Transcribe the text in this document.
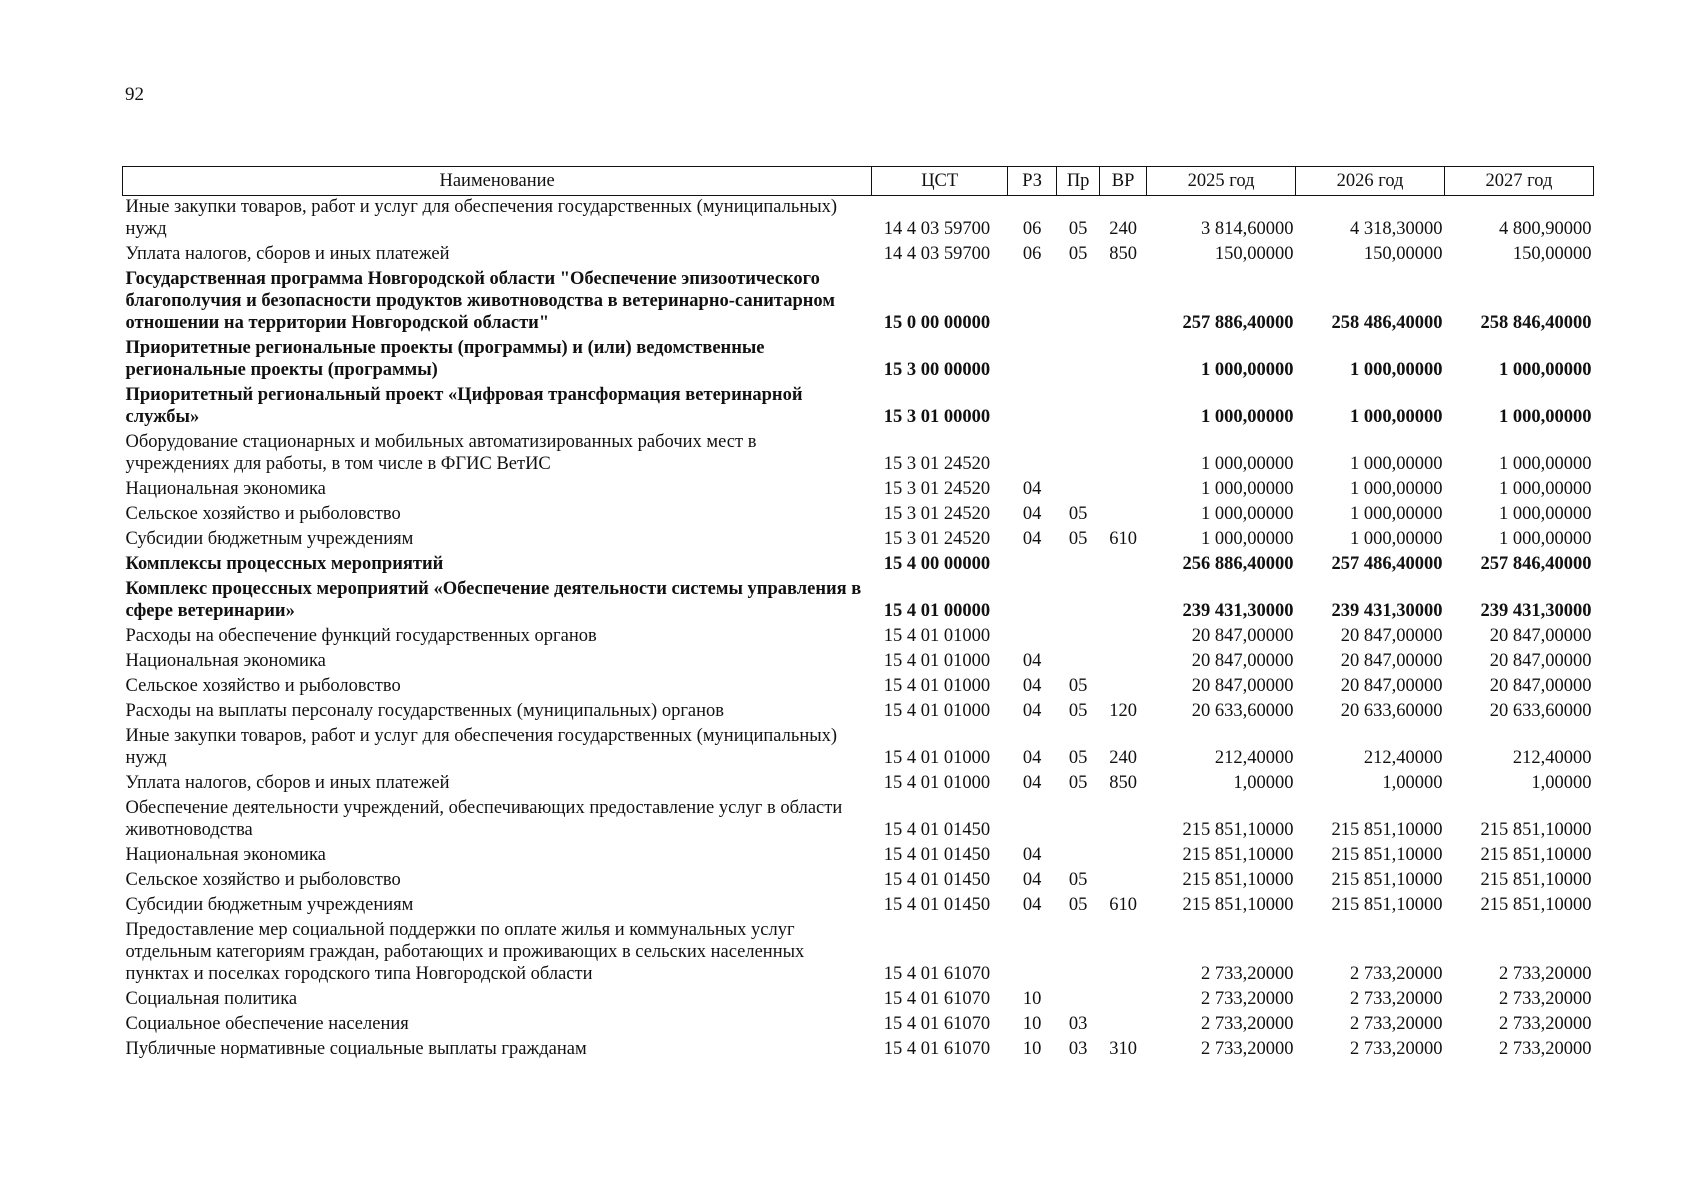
92
Наименование	ЦСТ	РЗ	Пр	ВР	2025 год	2026 год	2027 год
Иные закупки товаров, работ и услуг для обеспечения государственных (муниципальных) нужд	14 4 03 59700	06	05	240	3 814,60000	4 318,30000	4 800,90000
Уплата налогов, сборов и иных платежей	14 4 03 59700	06	05	850	150,00000	150,00000	150,00000
Государственная программа Новгородской области "Обеспечение эпизоотического благополучия и безопасности продуктов животноводства в ветеринарно-санитарном отношении на территории Новгородской области"	15 0 00 00000				257 886,40000	258 486,40000	258 846,40000
Приоритетные региональные проекты (программы) и (или) ведомственные региональные проекты (программы)	15 3 00 00000				1 000,00000	1 000,00000	1 000,00000
Приоритетный региональный проект «Цифровая трансформация ветеринарной службы»	15 3 01 00000				1 000,00000	1 000,00000	1 000,00000
Оборудование стационарных и мобильных автоматизированных рабочих мест в учреждениях для работы, в том числе в ФГИС ВетИС	15 3 01 24520				1 000,00000	1 000,00000	1 000,00000
Национальная экономика	15 3 01 24520	04			1 000,00000	1 000,00000	1 000,00000
Сельское хозяйство и рыболовство	15 3 01 24520	04	05		1 000,00000	1 000,00000	1 000,00000
Субсидии бюджетным учреждениям	15 3 01 24520	04	05	610	1 000,00000	1 000,00000	1 000,00000
Комплексы процессных мероприятий	15 4 00 00000				256 886,40000	257 486,40000	257 846,40000
Комплекс процессных мероприятий «Обеспечение деятельности системы управления в сфере ветеринарии»	15 4 01 00000				239 431,30000	239 431,30000	239 431,30000
Расходы на обеспечение функций государственных органов	15 4 01 01000				20 847,00000	20 847,00000	20 847,00000
Национальная экономика	15 4 01 01000	04			20 847,00000	20 847,00000	20 847,00000
Сельское хозяйство и рыболовство	15 4 01 01000	04	05		20 847,00000	20 847,00000	20 847,00000
Расходы на выплаты персоналу государственных (муниципальных) органов	15 4 01 01000	04	05	120	20 633,60000	20 633,60000	20 633,60000
Иные закупки товаров, работ и услуг для обеспечения государственных (муниципальных) нужд	15 4 01 01000	04	05	240	212,40000	212,40000	212,40000
Уплата налогов, сборов и иных платежей	15 4 01 01000	04	05	850	1,00000	1,00000	1,00000
Обеспечение деятельности учреждений, обеспечивающих предоставление услуг в области животноводства	15 4 01 01450				215 851,10000	215 851,10000	215 851,10000
Национальная экономика	15 4 01 01450	04			215 851,10000	215 851,10000	215 851,10000
Сельское хозяйство и рыболовство	15 4 01 01450	04	05		215 851,10000	215 851,10000	215 851,10000
Субсидии бюджетным учреждениям	15 4 01 01450	04	05	610	215 851,10000	215 851,10000	215 851,10000
Предоставление мер социальной поддержки по оплате жилья и коммунальных услуг отдельным категориям граждан, работающих и проживающих в сельских населенных пунктах и поселках городского типа Новгородской области	15 4 01 61070				2 733,20000	2 733,20000	2 733,20000
Социальная политика	15 4 01 61070	10			2 733,20000	2 733,20000	2 733,20000
Социальное обеспечение населения	15 4 01 61070	10	03		2 733,20000	2 733,20000	2 733,20000
Публичные нормативные социальные выплаты гражданам	15 4 01 61070	10	03	310	2 733,20000	2 733,20000	2 733,20000
